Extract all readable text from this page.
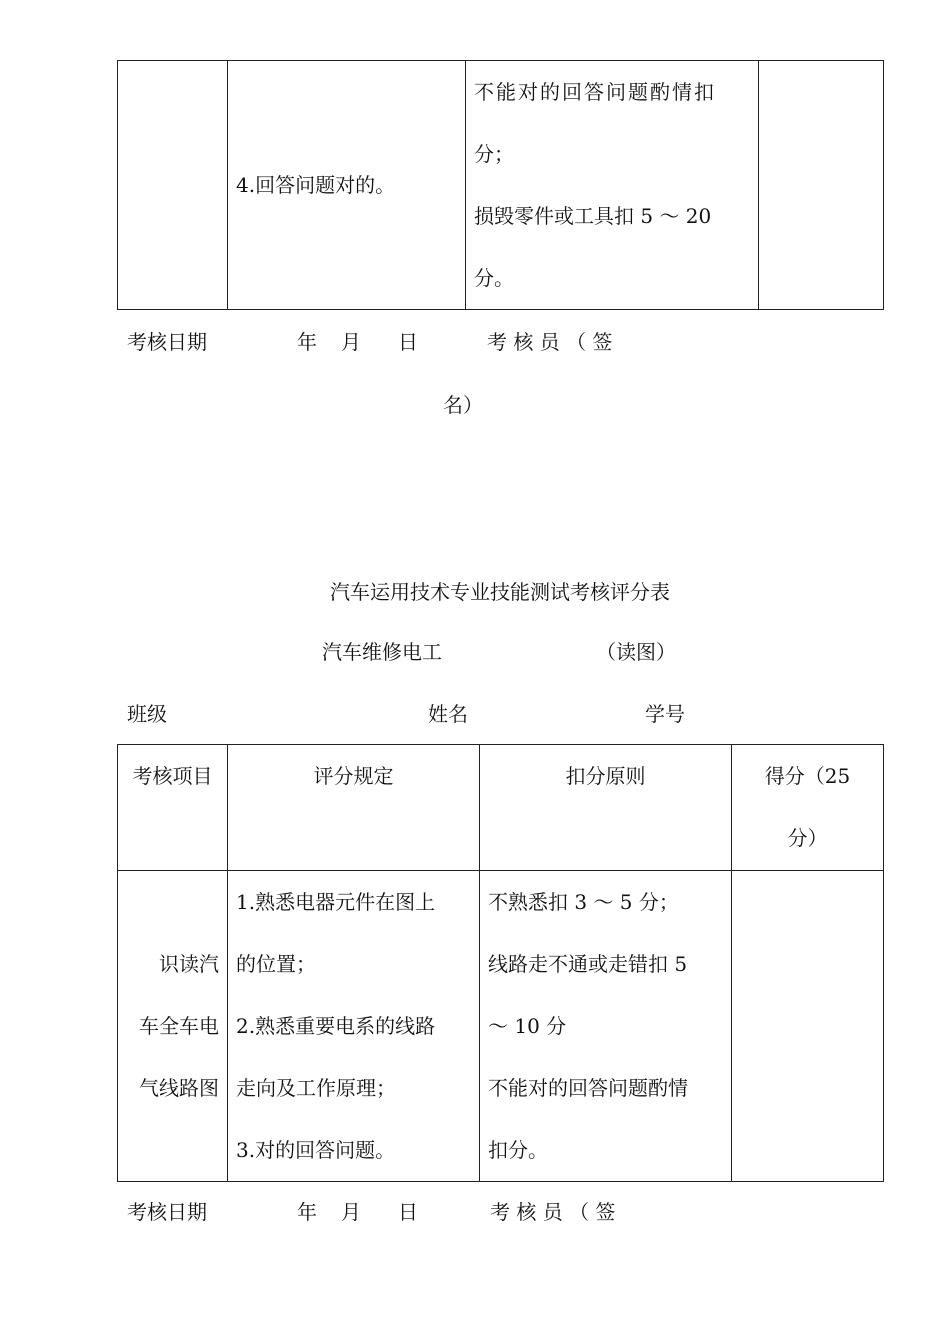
	4.回答问题对的。	
不能对的回答问题酌情扣
分；
损毁零件或工具扣 5 ～ 20
分。

考核日期	年 月 日	考 核 员 （ 签
名）
汽车运用技术专业技能测试考核评分表
汽车维修电工	（读图）
班级	姓名	学号
考核项目	评分规定	扣分原则	得分（25
分）

识读汽
车全车电
气线路图	1.熟悉电器元件在图上
的位置；
2.熟悉重要电系的线路
走向及工作原理；
3.对的回答问题。	不熟悉扣 3 ～ 5 分；
线路走不通或走错扣 5
～ 10 分
不能对的回答问题酌情
扣分。	

考核日期	年 月 日	考 核 员 （ 签
